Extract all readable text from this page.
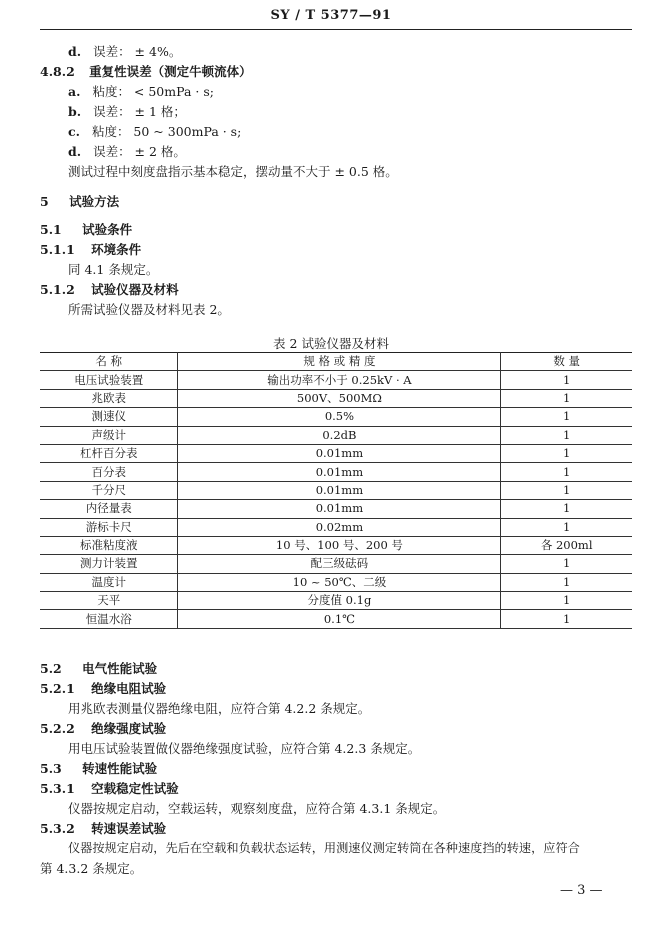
SY / T 5377—91
d. 误差： ± 4%。
4.8.2 重复性误差（测定牛顿流体）
a. 粘度： < 50mPa · s;
b. 误差： ± 1 格；
c. 粘度： 50 ~ 300mPa · s;
d. 误差： ± 2 格。
测试过程中刻度盘指示基本稳定，摆动量不大于 ± 0.5 格。
5 试验方法
5.1 试验条件
5.1.1 环境条件
同 4.1 条规定。
5.1.2 试验仪器及材料
所需试验仪器及材料见表 2。
表 2 试验仪器及材料
名 称	规 格 或 精 度	数 量
电压试验装置	输出功率不小于 0.25kV · A	1
兆欧表	500V、500MΩ	1
测速仪	0.5%	1
声级计	0.2dB	1
杠杆百分表	0.01mm	1
百分表	0.01mm	1
千分尺	0.01mm	1
内径量表	0.01mm	1
游标卡尺	0.02mm	1
标准粘度液	10 号、100 号、200 号	各 200ml
测力计装置	配三级砝码	1
温度计	10 ~ 50℃、二级	1
天平	分度值 0.1g	1
恒温水浴	0.1℃	1
5.2 电气性能试验
5.2.1 绝缘电阻试验
用兆欧表测量仪器绝缘电阻，应符合第 4.2.2 条规定。
5.2.2 绝缘强度试验
用电压试验装置做仪器绝缘强度试验，应符合第 4.2.3 条规定。
5.3 转速性能试验
5.3.1 空载稳定性试验
仪器按规定启动，空载运转，观察刻度盘，应符合第 4.3.1 条规定。
5.3.2 转速误差试验
仪器按规定启动，先后在空载和负载状态运转，用测速仪测定转筒在各种速度挡的转速，应符合
第 4.3.2 条规定。
— 3 —
